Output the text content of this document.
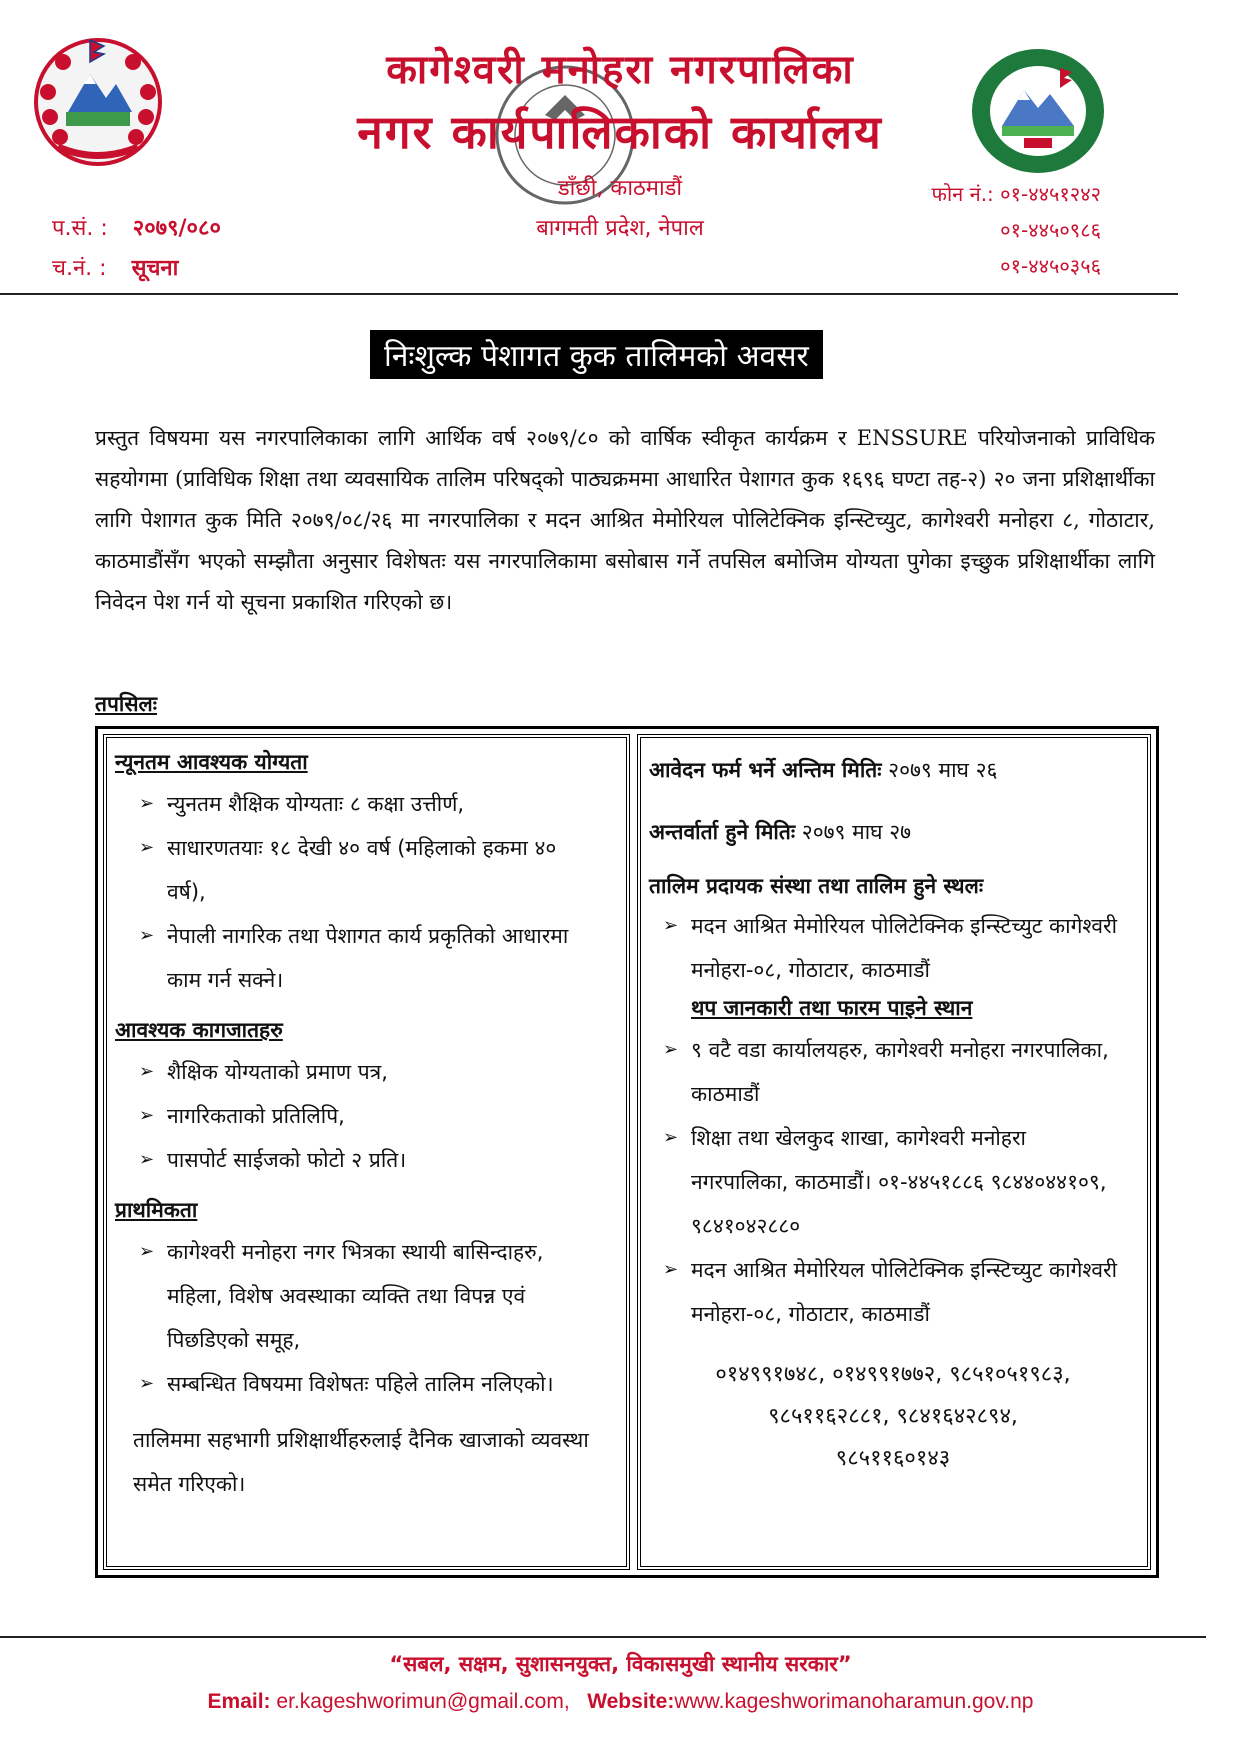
कागेश्वरी मनोहरा नगरपालिका
नगर कार्यपालिकाको कार्यालय
डाँछी, काठमाडौं
बागमती प्रदेश, नेपाल
प.सं. : २०७९/०८०
च.नं. : सूचना
फोन नं.: ०१-४४५१२४२
०१-४४५०९८६
०१-४४५०३५६
निःशुल्क पेशागत कुक तालिमको अवसर
प्रस्तुत विषयमा यस नगरपालिकाका लागि आर्थिक वर्ष २०७९/८० को वार्षिक स्वीकृत कार्यक्रम र ENSSURE परियोजनाको प्राविधिक सहयोगमा (प्राविधिक शिक्षा तथा व्यवसायिक तालिम परिषद्को पाठ्यक्रममा आधारित पेशागत कुक १६९६ घण्टा तह-२) २० जना प्रशिक्षार्थीका लागि पेशागत कुक मिति २०७९/०८/२६ मा नगरपालिका र मदन आश्रित मेमोरियल पोलिटेक्निक इन्स्टिच्युट, कागेश्वरी मनोहरा ८, गोठाटार, काठमाडौंसँग भएको सम्झौता अनुसार विशेषतः यस नगरपालिकामा बसोबास गर्ने तपसिल बमोजिम योग्यता पुगेका इच्छुक प्रशिक्षार्थीका लागि निवेदन पेश गर्न यो सूचना प्रकाशित गरिएको छ।
तपसिलः
न्यूनतम आवश्यक योग्यता
➢ न्युनतम शैक्षिक योग्यताः ८ कक्षा उत्तीर्ण,
➢ साधारणतयाः १८ देखी ४० वर्ष (महिलाको हकमा ४० वर्ष),
➢ नेपाली नागरिक तथा पेशागत कार्य प्रकृतिको आधारमा काम गर्न सक्ने।
आवश्यक कागजातहरु
➢ शैक्षिक योग्यताको प्रमाण पत्र,
➢ नागरिकताको प्रतिलिपि,
➢ पासपोर्ट साईजको फोटो २ प्रति।
प्राथमिकता
➢ कागेश्वरी मनोहरा नगर भित्रका स्थायी बासिन्दाहरु, महिला, विशेष अवस्थाका व्यक्ति तथा विपन्न एवं पिछडिएको समूह,
➢ सम्बन्धित विषयमा विशेषतः पहिले तालिम नलिएको।
तालिममा सहभागी प्रशिक्षार्थीहरुलाई दैनिक खाजाको व्यवस्था समेत गरिएको।
आवेदन फर्म भर्ने अन्तिम मितिः २०७९ माघ २६
अन्तर्वार्ता हुने मितिः २०७९ माघ २७
तालिम प्रदायक संस्था तथा तालिम हुने स्थलः
➢ मदन आश्रित मेमोरियल पोलिटेक्निक इन्स्टिच्युट कागेश्वरी मनोहरा-०८, गोठाटार, काठमाडौं
थप जानकारी तथा फारम पाइने स्थान
➢ ९ वटै वडा कार्यालयहरु, कागेश्वरी मनोहरा नगरपालिका, काठमाडौं
➢ शिक्षा तथा खेलकुद शाखा, कागेश्वरी मनोहरा नगरपालिका, काठमाडौं। ०१-४४५१८८६ ९८४४०४४१०९, ९८४१०४२८८०
➢ मदन आश्रित मेमोरियल पोलिटेक्निक इन्स्टिच्युट कागेश्वरी मनोहरा-०८, गोठाटार, काठमाडौं
०१४९९१७४८, ०१४९९१७७२, ९८५१०५१९८३,
९८५११६२८८१, ९८४१६४२८९४,
९८५११६०१४३
“सबल, सक्षम, सुशासनयुक्त, विकासमुखी स्थानीय सरकार”
Email: er.kageshworimun@gmail.com, Website:www.kageshworimanoharamun.gov.np
